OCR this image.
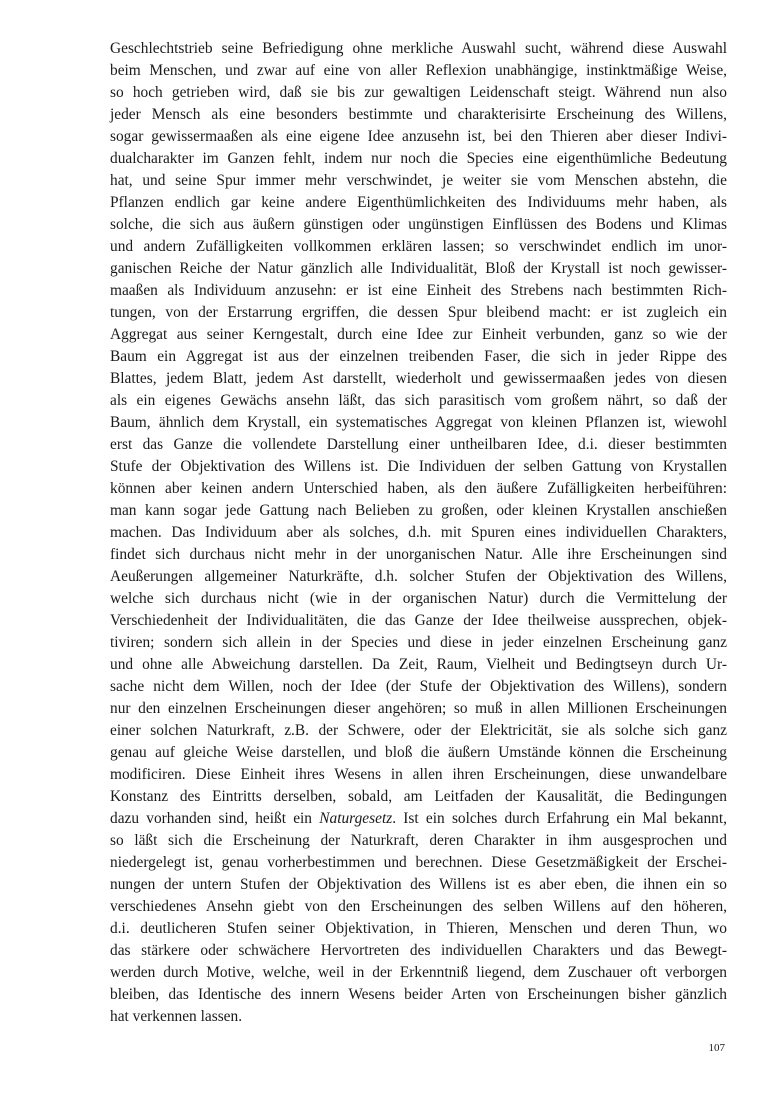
Geschlechtstrieb seine Befriedigung ohne merkliche Auswahl sucht, während diese Auswahl
beim Menschen, und zwar auf eine von aller Reflexion unabhängige, instinktmäßige Weise,
so hoch getrieben wird, daß sie bis zur gewaltigen Leidenschaft steigt. Während nun also
jeder Mensch als eine besonders bestimmte und charakterisirte Erscheinung des Willens,
sogar gewissermaaßen als eine eigene Idee anzusehn ist, bei den Thieren aber dieser Indivi-
dualcharakter im Ganzen fehlt, indem nur noch die Species eine eigenthümliche Bedeutung
hat, und seine Spur immer mehr verschwindet, je weiter sie vom Menschen abstehn, die
Pflanzen endlich gar keine andere Eigenthümlichkeiten des Individuums mehr haben, als
solche, die sich aus äußern günstigen oder ungünstigen Einflüssen des Bodens und Klimas
und andern Zufälligkeiten vollkommen erklären lassen; so verschwindet endlich im unor-
ganischen Reiche der Natur gänzlich alle Individualität, Bloß der Krystall ist noch gewisser-
maaßen als Individuum anzusehn: er ist eine Einheit des Strebens nach bestimmten Rich-
tungen, von der Erstarrung ergriffen, die dessen Spur bleibend macht: er ist zugleich ein
Aggregat aus seiner Kerngestalt, durch eine Idee zur Einheit verbunden, ganz so wie der
Baum ein Aggregat ist aus der einzelnen treibenden Faser, die sich in jeder Rippe des
Blattes, jedem Blatt, jedem Ast darstellt, wiederholt und gewissermaaßen jedes von diesen
als ein eigenes Gewächs ansehn läßt, das sich parasitisch vom großem nährt, so daß der
Baum, ähnlich dem Krystall, ein systematisches Aggregat von kleinen Pflanzen ist, wiewohl
erst das Ganze die vollendete Darstellung einer untheilbaren Idee, d.i. dieser bestimmten
Stufe der Objektivation des Willens ist. Die Individuen der selben Gattung von Krystallen
können aber keinen andern Unterschied haben, als den äußere Zufälligkeiten herbeiführen:
man kann sogar jede Gattung nach Belieben zu großen, oder kleinen Krystallen anschießen
machen. Das Individuum aber als solches, d.h. mit Spuren eines individuellen Charakters,
findet sich durchaus nicht mehr in der unorganischen Natur. Alle ihre Erscheinungen sind
Aeußerungen allgemeiner Naturkräfte, d.h. solcher Stufen der Objektivation des Willens,
welche sich durchaus nicht (wie in der organischen Natur) durch die Vermittelung der
Verschiedenheit der Individualitäten, die das Ganze der Idee theilweise aussprechen, objek-
tiviren; sondern sich allein in der Species und diese in jeder einzelnen Erscheinung ganz
und ohne alle Abweichung darstellen. Da Zeit, Raum, Vielheit und Bedingtseyn durch Ur-
sache nicht dem Willen, noch der Idee (der Stufe der Objektivation des Willens), sondern
nur den einzelnen Erscheinungen dieser angehören; so muß in allen Millionen Erscheinungen
einer solchen Naturkraft, z.B. der Schwere, oder der Elektricität, sie als solche sich ganz
genau auf gleiche Weise darstellen, und bloß die äußern Umstände können die Erscheinung
modificiren. Diese Einheit ihres Wesens in allen ihren Erscheinungen, diese unwandelbare
Konstanz des Eintritts derselben, sobald, am Leitfaden der Kausalität, die Bedingungen
dazu vorhanden sind, heißt ein Naturgesetz. Ist ein solches durch Erfahrung ein Mal bekannt,
so läßt sich die Erscheinung der Naturkraft, deren Charakter in ihm ausgesprochen und
niedergelegt ist, genau vorherbestimmen und berechnen. Diese Gesetzmäßigkeit der Erschei-
nungen der untern Stufen der Objektivation des Willens ist es aber eben, die ihnen ein so
verschiedenes Ansehn giebt von den Erscheinungen des selben Willens auf den höheren,
d.i. deutlicheren Stufen seiner Objektivation, in Thieren, Menschen und deren Thun, wo
das stärkere oder schwächere Hervortreten des individuellen Charakters und das Bewegt-
werden durch Motive, welche, weil in der Erkenntniß liegend, dem Zuschauer oft verborgen
bleiben, das Identische des innern Wesens beider Arten von Erscheinungen bisher gänzlich
hat verkennen lassen.
107
